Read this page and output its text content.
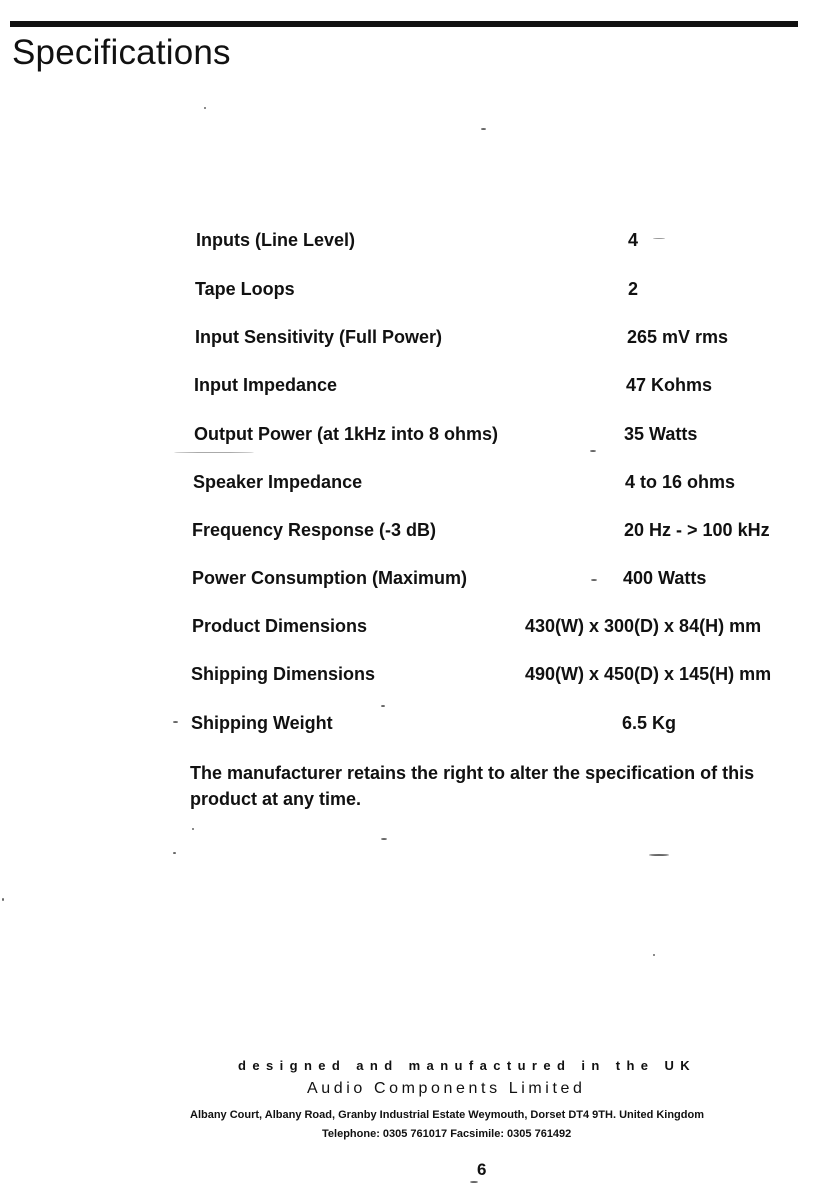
Specifications
Inputs (Line Level)	4
Tape Loops	2
Input Sensitivity (Full Power)	265 mV rms
Input Impedance	47 Kohms
Output Power (at 1kHz into 8 ohms)	35 Watts
Speaker Impedance	4 to 16 ohms
Frequency Response (-3 dB)	20 Hz - > 100 kHz
Power Consumption (Maximum)	400 Watts
Product Dimensions	430(W) x 300(D) x 84(H) mm
Shipping Dimensions	490(W) x 450(D) x 145(H) mm
Shipping Weight	6.5 Kg

The manufacturer retains the right to alter the specification of this product at any time.

designed and manufactured in the UK
Audio Components Limited
Albany Court, Albany Road, Granby Industrial Estate Weymouth, Dorset DT4 9TH. United Kingdom
Telephone: 0305 761017 Facsimile: 0305 761492
6
